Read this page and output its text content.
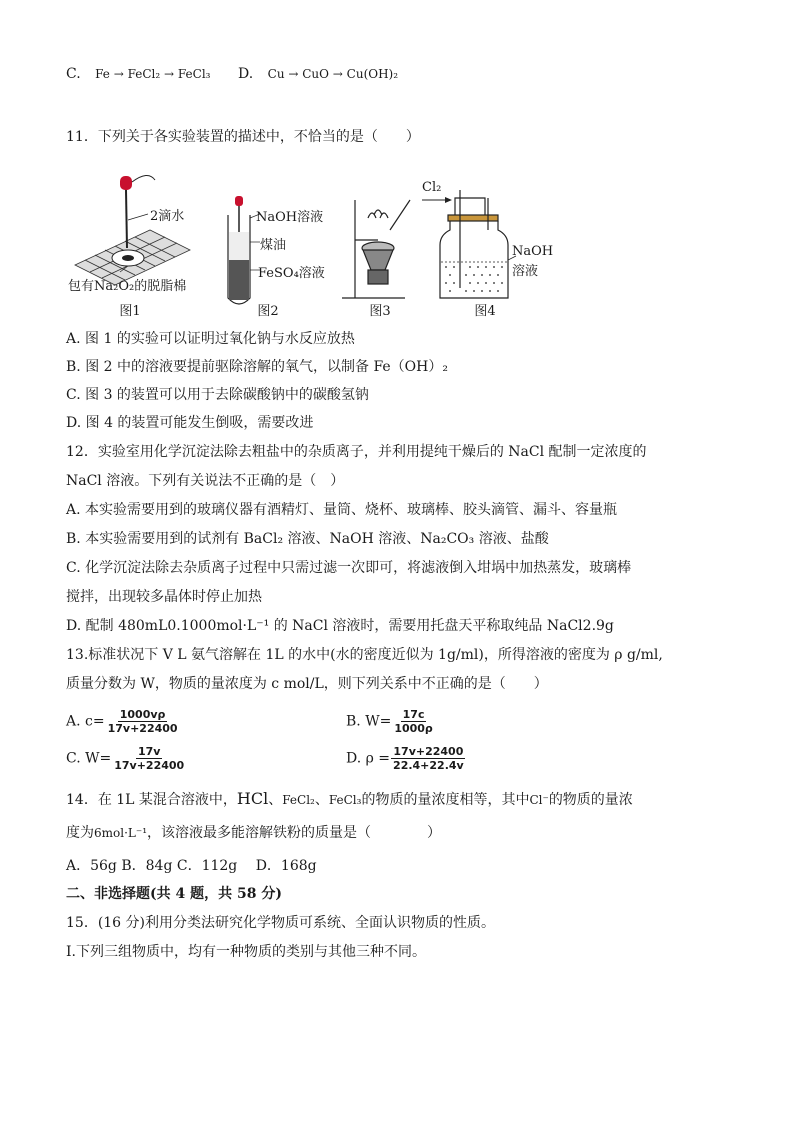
C. Fe → FeCl₂ → FeCl₃ D. Cu → CuO → Cu(OH)₂
11．下列关于各实验装置的描述中，不恰当的是（　　）
2滴水
包有Na₂O₂的脱脂棉
图1
NaOH溶液
煤油
FeSO₄溶液
图2	图3
Cl₂
NaOH
溶液
图4
A. 图 1 的实验可以证明过氧化钠与水反应放热
B. 图 2 中的溶液要提前驱除溶解的氧气，以制备 Fe（OH）₂
C. 图 3 的装置可以用于去除碳酸钠中的碳酸氢钠
D. 图 4 的装置可能发生倒吸，需要改进
12．实验室用化学沉淀法除去粗盐中的杂质离子，并利用提纯干燥后的 NaCl 配制一定浓度的
NaCl 溶液。下列有关说法不正确的是（　）
A. 本实验需要用到的玻璃仪器有酒精灯、量筒、烧杯、玻璃棒、胶头滴管、漏斗、容量瓶
B. 本实验需要用到的试剂有 BaCl₂ 溶液、NaOH 溶液、Na₂CO₃ 溶液、盐酸
C. 化学沉淀法除去杂质离子过程中只需过滤一次即可，将滤液倒入坩埚中加热蒸发，玻璃棒
搅拌，出现较多晶体时停止加热
D. 配制 480mL0.1000mol·L⁻¹ 的 NaCl 溶液时，需要用托盘天平称取纯品 NaCl2.9g
13.标准状况下 V L 氨气溶解在 1L 的水中(水的密度近似为 1g/ml)，所得溶液的密度为 ρ g/ml,
质量分数为 W，物质的量浓度为 c mol/L，则下列关系中不正确的是（　　）
A. $c= \frac{1000v\rho}{17v+22400}$	B. $W= \frac{17c}{1000\rho}$
C. $W= \frac{17v}{17v+22400}$	D. $\rho = \frac{17v+22400}{22.4+22.4v}$
14．在 1L 某混合溶液中，HCl、FeCl₂、FeCl₃的物质的量浓度相等，其中Cl⁻的物质的量浓
度为6mol·L⁻¹，该溶液最多能溶解铁粉的质量是（　　　　）
A．56g B．84g C．112g　 D．168g
二、非选择题(共 4 题，共 58 分)
15．(16 分)利用分类法研究化学物质可系统、全面认识物质的性质。
Ⅰ.下列三组物质中，均有一种物质的类别与其他三种不同。
